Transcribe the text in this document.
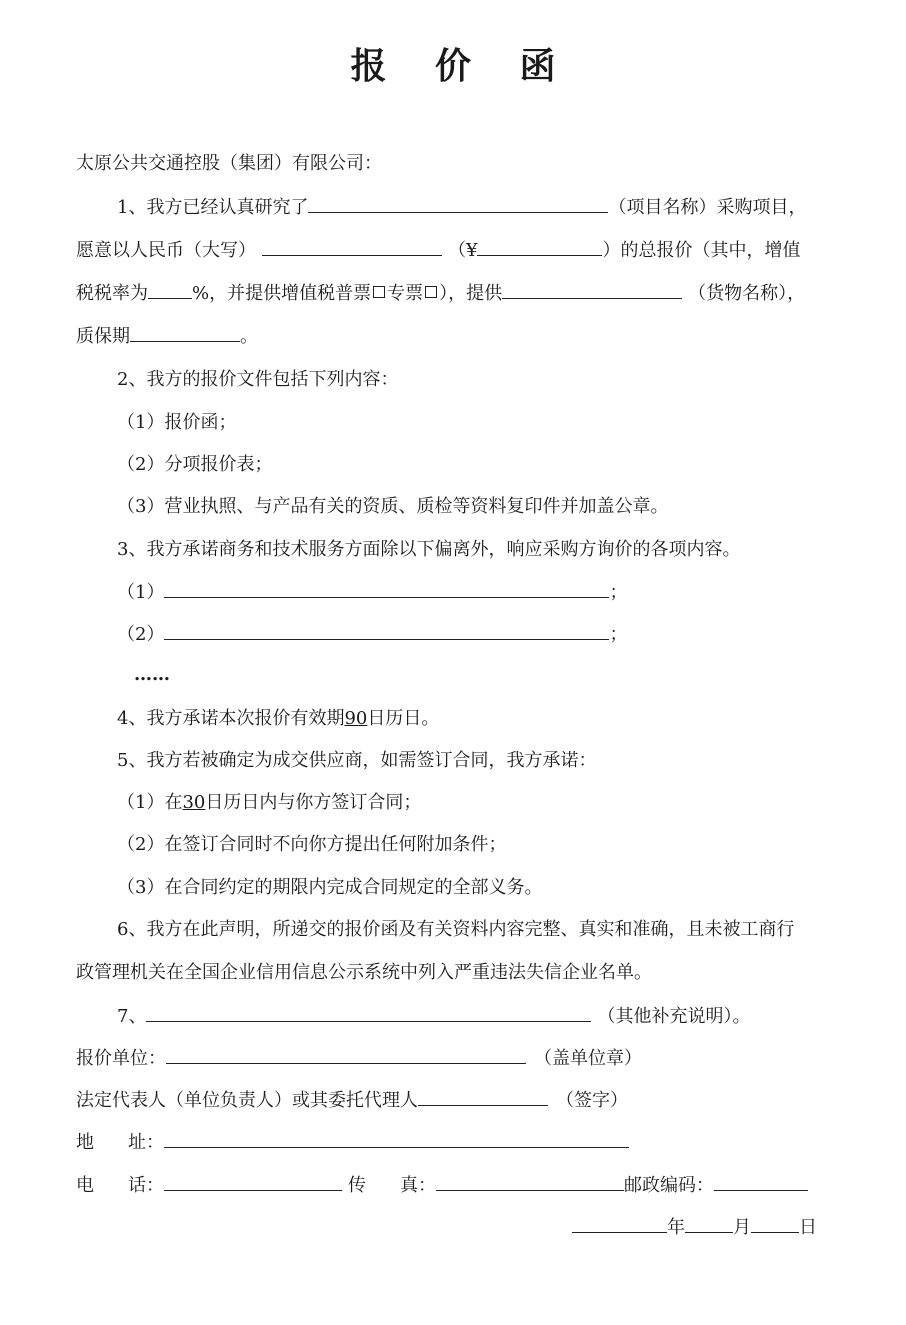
报 价 函
太原公共交通控股（集团）有限公司：
1、我方已经认真研究了	（项目名称）采购项目，
愿意以人民币（大写）	（¥	）的总报价（其中，增值
税税率为 %，并提供增值税普票 专票 ），提供	（货物名称），
质保期	。
2、我方的报价文件包括下列内容：
（1）报价函；
（2）分项报价表；
（3）营业执照、与产品有关的资质、质检等资料复印件并加盖公章。
3、我方承诺商务和技术服务方面除以下偏离外，响应采购方询价的各项内容。
（1）	；
（2）	；
……
4、我方承诺本次报价有效期90日历日。
5、我方若被确定为成交供应商，如需签订合同，我方承诺：
（1）在30日历日内与你方签订合同；
（2）在签订合同时不向你方提出任何附加条件；
（3）在合同约定的期限内完成合同规定的全部义务。
6、我方在此声明，所递交的报价函及有关资料内容完整、真实和准确，且未被工商行
政管理机关在全国企业信用信息公示系统中列入严重违法失信企业名单。
7、	（其他补充说明）。
报价单位：	（盖单位章）
法定代表人（单位负责人）或其委托代理人	（签字）
地 址：
电 话：	传 真：	邮政编码：
年	月	日
